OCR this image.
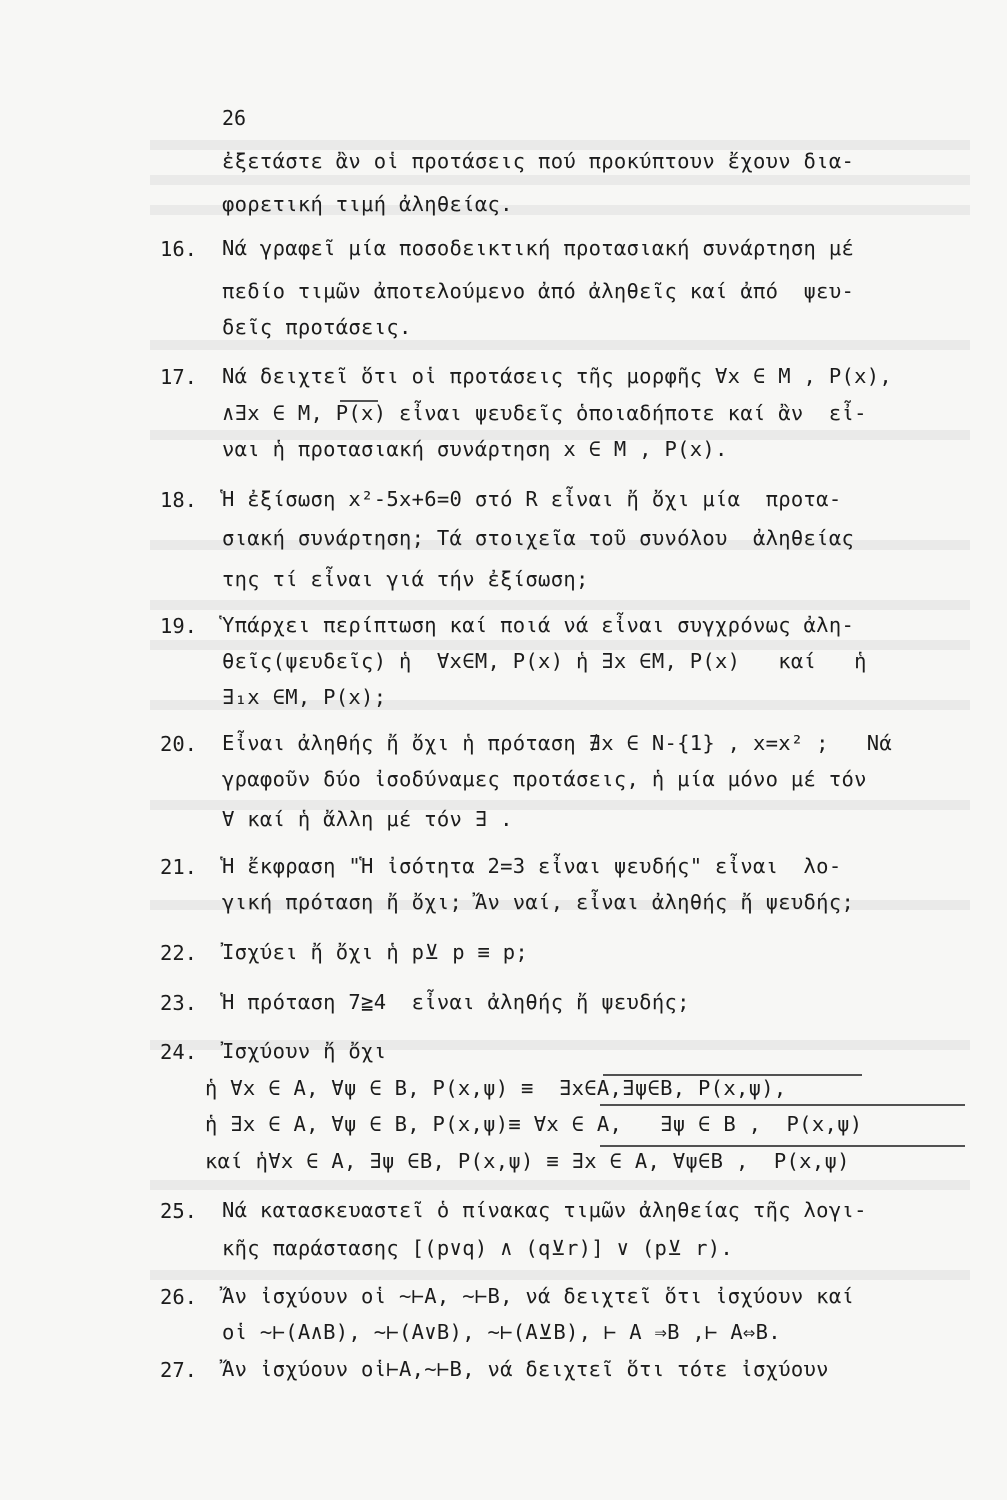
26
ἐξετάστε ἂν οἱ προτάσεις πού προκύπτουν ἔχουν δια-
φορετική τιμή ἀληθείας.
16. Νά γραφεῖ μία ποσοδεικτική προτασιακή συνάρτηση μέ
πεδίο τιμῶν ἀποτελούμενο ἀπό ἀληθεῖς καί ἀπό  ψευ-
δεῖς προτάσεις.
17. Νά δειχτεῖ ὅτι οἱ προτάσεις τῆς μορφῆς ∀x ∈ M , P(x),
∧∃x ∈ M, P(x) εἶναι ψευδεῖς ὁποιαδήποτε καί ἂν  εἶ-
ναι ἡ προτασιακή συνάρτηση x ∈ M , P(x).
18. Ἡ ἐξίσωση x²-5x+6=0 στό R εἶναι ἤ ὄχι μία  προτα-
σιακή συνάρτηση; Τά στοιχεῖα τοῦ συνόλου  ἀληθείας
της τί εἶναι γιά τήν ἐξίσωση;
19. Ὑπάρχει περίπτωση καί ποιά νά εἶναι συγχρόνως ἀλη-
θεῖς(ψευδεῖς) ἡ  ∀x∈M, P(x) ἡ ∃x ∈M, P(x)   καί   ἡ
∃₁x ∈M, P(x);
20. Εἶναι ἀληθής ἤ ὄχι ἡ πρόταση ∄x ∈ N-{1} , x=x² ;   Νά
γραφοῦν δύο ἰσοδύναμες προτάσεις, ἡ μία μόνο μέ τόν
∀ καί ἡ ἄλλη μέ τόν ∃ .
21. Ἡ ἔκφραση "Ἡ ἰσότητα 2=3 εἶναι ψευδής" εἶναι  λο-
γική πρόταση ἤ ὄχι; Ἄν ναί, εἶναι ἀληθής ἤ ψευδής;
22. Ἰσχύει ἤ ὄχι ἡ p⊻ p ≡ p;
23. Ἡ πρόταση 7≧4  εἶναι ἀληθής ἤ ψευδής;
24. Ἰσχύουν ἤ ὄχι
ἡ ∀x ∈ A, ∀ψ ∈ B, P(x,ψ) ≡  ∃x∈A,∃ψ∈B, P(x,ψ),
ἡ ∃x ∈ A, ∀ψ ∈ B, P(x,ψ)≡ ∀x ∈ A,   ∃ψ ∈ B ,  P(x,ψ)
καί ἡ∀x ∈ A, ∃ψ ∈B, P(x,ψ) ≡ ∃x ∈ A, ∀ψ∈B ,  P(x,ψ)
25. Νά κατασκευαστεῖ ὁ πίνακας τιμῶν ἀληθείας τῆς λογι-
κῆς παράστασης [(p∨q) ∧ (q⊻r)] ∨ (p⊻ r).
26. Ἄν ἰσχύουν οἱ ∼⊢A, ∼⊢B, νά δειχτεῖ ὅτι ἰσχύουν καί
οἱ ∼⊢(A∧B), ∼⊢(A∨B), ∼⊢(A⊻B), ⊢ A ⇒B ,⊢ A⇔B.
27. Ἄν ἰσχύουν οἱ⊢A,∼⊢B, νά δειχτεῖ ὅτι τότε ἰσχύουν
